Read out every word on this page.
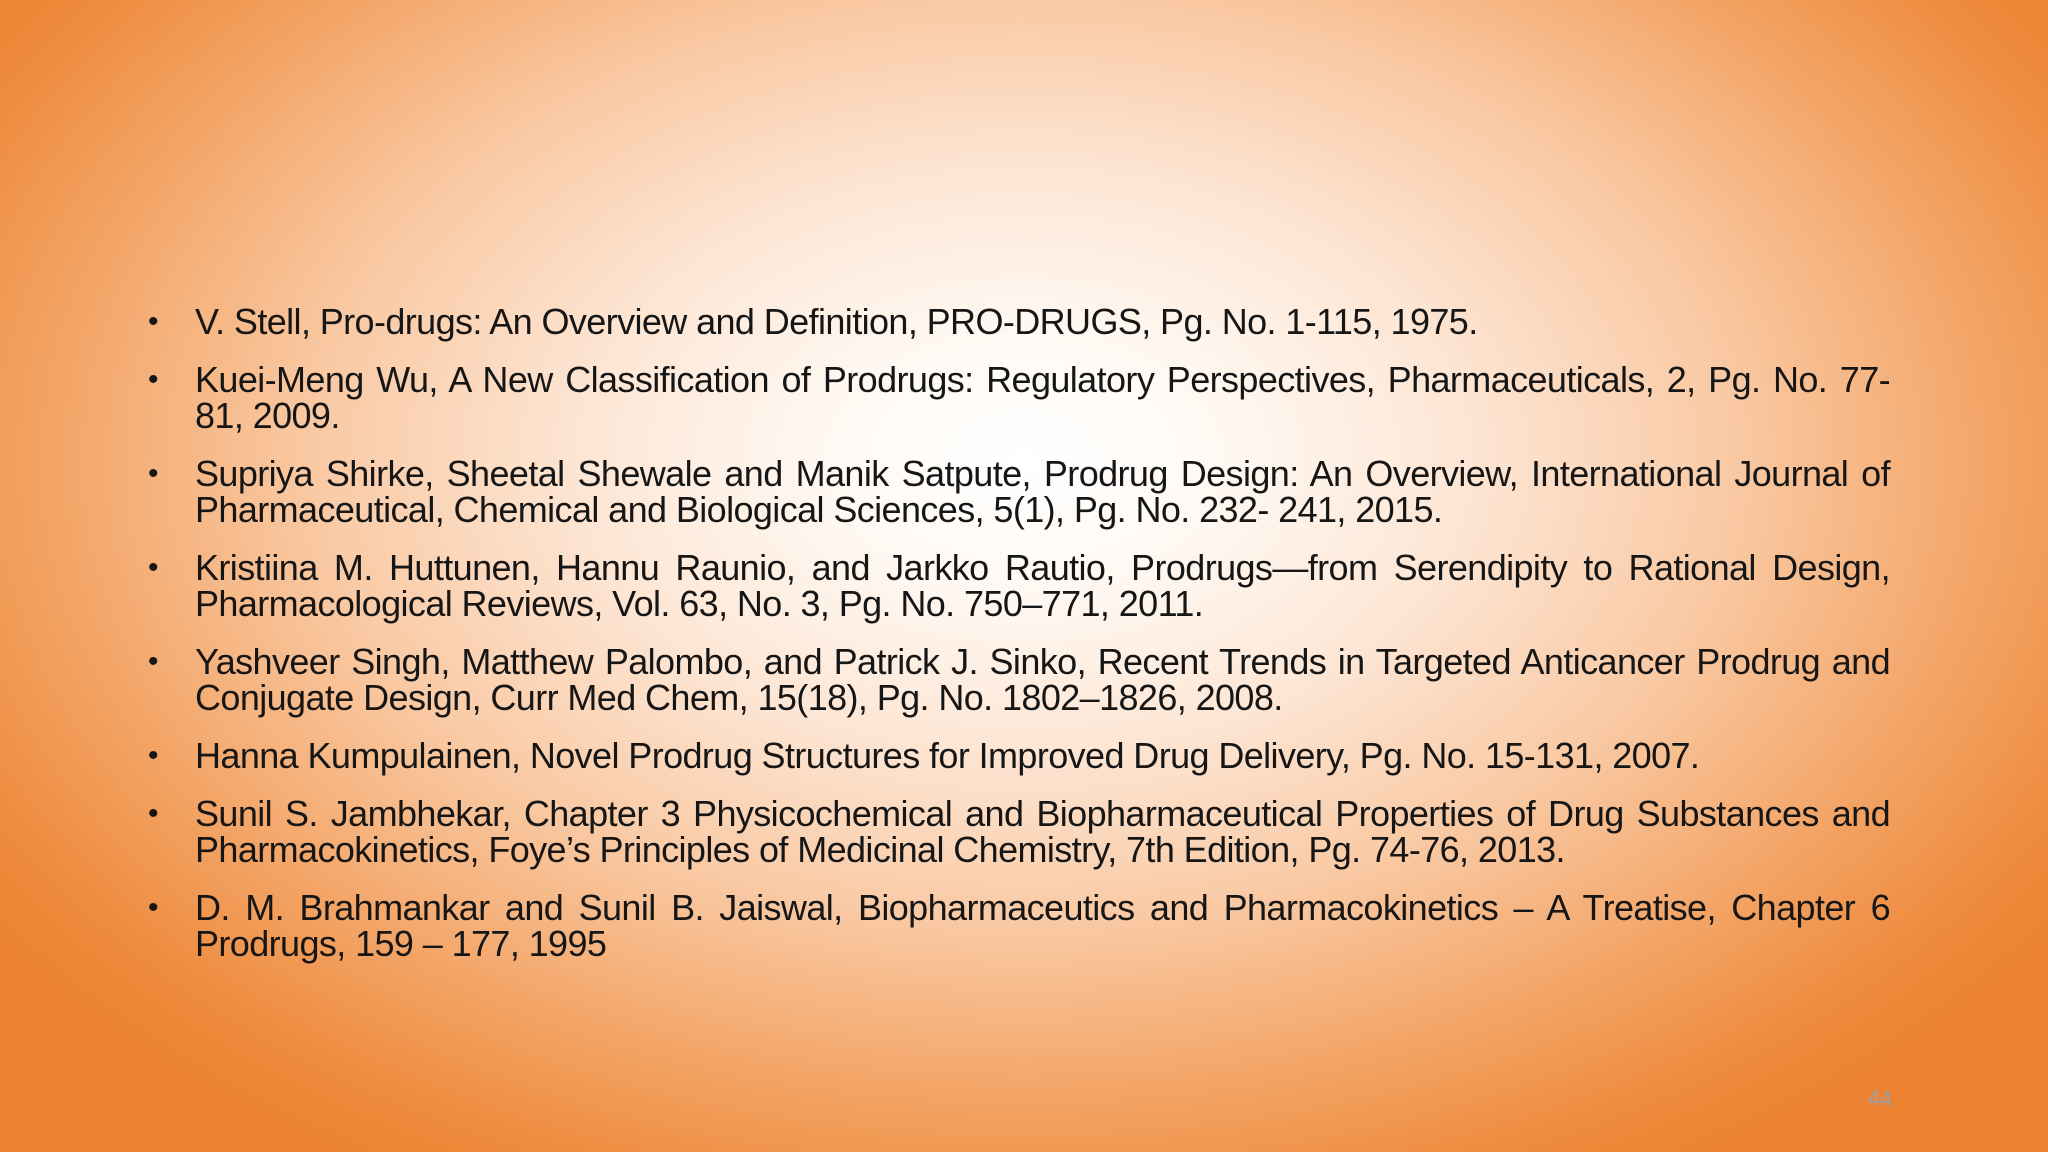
• V. Stell, Pro-drugs: An Overview and Definition, PRO-DRUGS, Pg. No. 1-115, 1975.
• Kuei-Meng Wu, A New Classification of Prodrugs: Regulatory Perspectives, Pharmaceuticals, 2, Pg. No. 77-81, 2009.
• Supriya Shirke, Sheetal Shewale and Manik Satpute, Prodrug Design: An Overview, International Journal of Pharmaceutical, Chemical and Biological Sciences, 5(1), Pg. No. 232- 241, 2015.
• Kristiina M. Huttunen, Hannu Raunio, and Jarkko Rautio, Prodrugs—from Serendipity to Rational Design, Pharmacological Reviews, Vol. 63, No. 3, Pg. No. 750–771, 2011.
• Yashveer Singh, Matthew Palombo, and Patrick J. Sinko, Recent Trends in Targeted Anticancer Prodrug and Conjugate Design, Curr Med Chem, 15(18), Pg. No. 1802–1826, 2008.
• Hanna Kumpulainen, Novel Prodrug Structures for Improved Drug Delivery, Pg. No. 15-131, 2007.
• Sunil S. Jambhekar, Chapter 3 Physicochemical and Biopharmaceutical Properties of Drug Substances and Pharmacokinetics, Foye’s Principles of Medicinal Chemistry, 7th Edition, Pg. 74-76, 2013.
• D. M. Brahmankar and Sunil B. Jaiswal, Biopharmaceutics and Pharmacokinetics – A Treatise, Chapter 6 Prodrugs, 159 – 177, 1995
44
